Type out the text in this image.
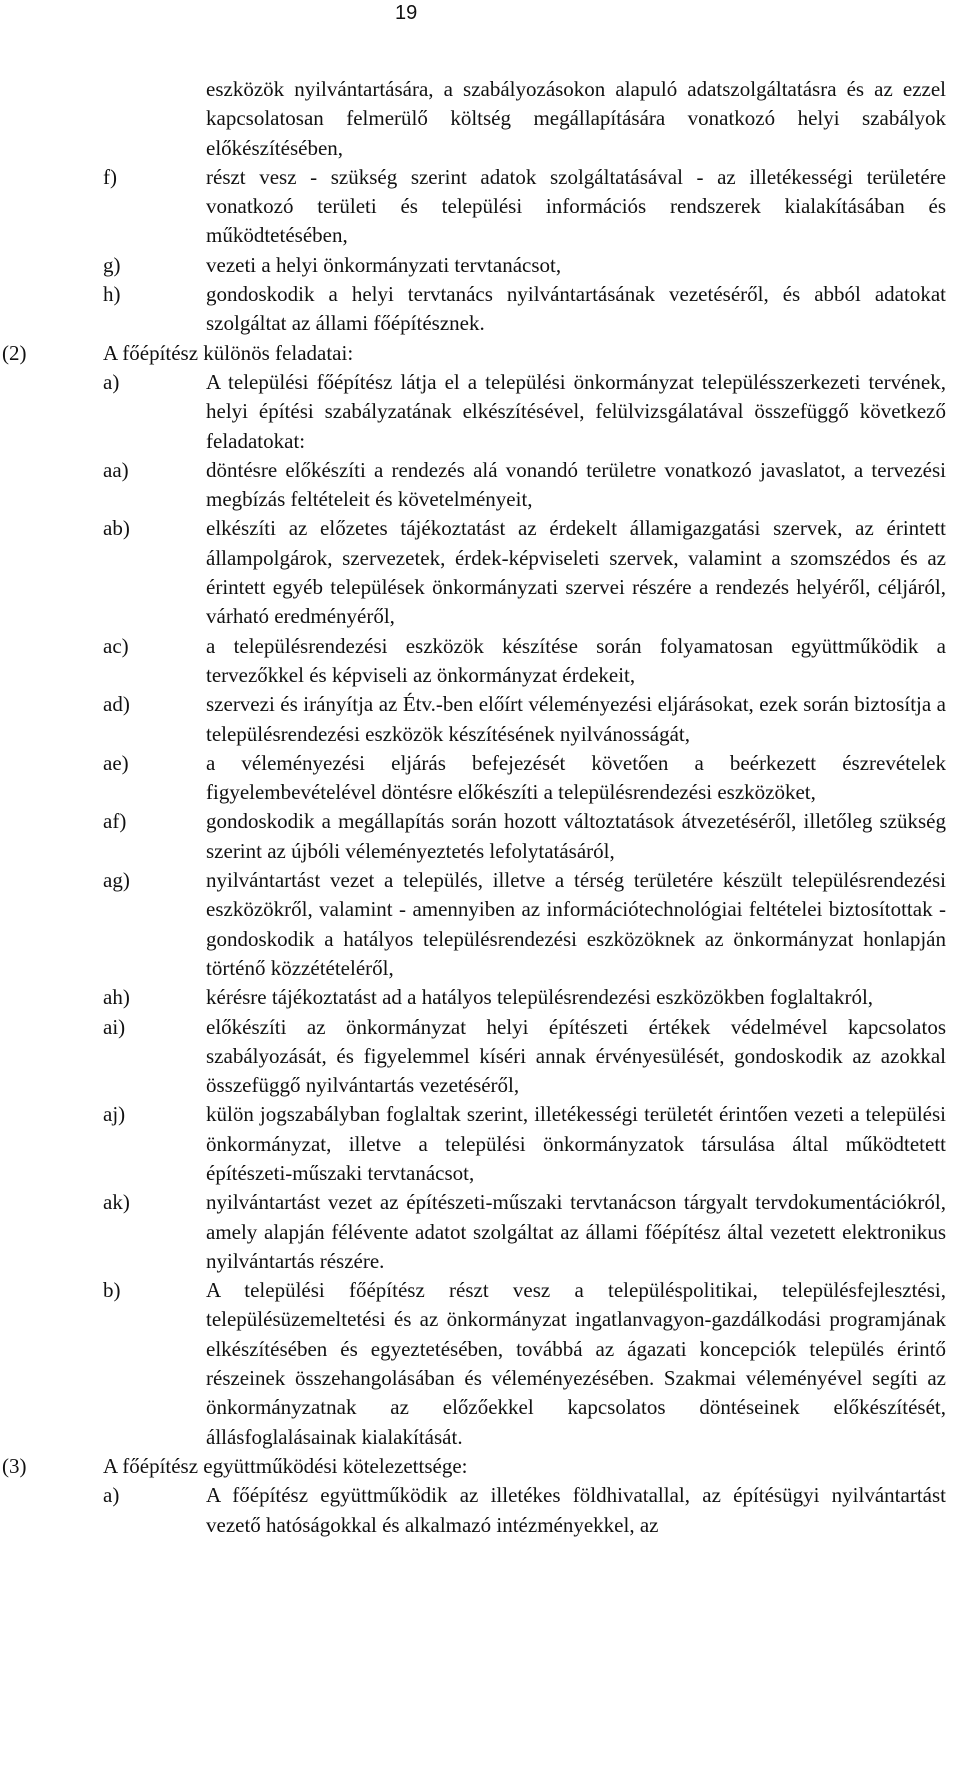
19
eszközök nyilvántartására, a szabályozásokon alapuló adatszolgáltatásra és az ezzel kapcsolatosan felmerülő költség megállapítására vonatkozó helyi szabályok előkészítésében,
f)	részt vesz - szükség szerint adatok szolgáltatásával - az illetékességi területére vonatkozó területi és települési információs rendszerek kialakításában és működtetésében,
g)	vezeti a helyi önkormányzati tervtanácsot,
h)	gondoskodik a helyi tervtanács nyilvántartásának vezetéséről, és abból adatokat szolgáltat az állami főépítésznek.
(2)	A főépítész különös feladatai:
a)	A települési főépítész látja el a települési önkormányzat településszerkezeti tervének, helyi építési szabályzatának elkészítésével, felülvizsgálatával összefüggő következő feladatokat:
aa)	döntésre előkészíti a rendezés alá vonandó területre vonatkozó javaslatot, a tervezési megbízás feltételeit és követelményeit,
ab)	elkészíti az előzetes tájékoztatást az érdekelt államigazgatási szervek, az érintett állampolgárok, szervezetek, érdek-képviseleti szervek, valamint a szomszédos és az érintett egyéb települések önkormányzati szervei részére a rendezés helyéről, céljáról, várható eredményéről,
ac)	a településrendezési eszközök készítése során folyamatosan együttműködik a tervezőkkel és képviseli az önkormányzat érdekeit,
ad)	szervezi és irányítja az Étv.-ben előírt véleményezési eljárásokat, ezek során biztosítja a településrendezési eszközök készítésének nyilvánosságát,
ae)	a véleményezési eljárás befejezését követően a beérkezett észrevételek figyelembevételével döntésre előkészíti a településrendezési eszközöket,
af)	gondoskodik a megállapítás során hozott változtatások átvezetéséről, illetőleg szükség szerint az újbóli véleményeztetés lefolytatásáról,
ag)	nyilvántartást vezet a település, illetve a térség területére készült településrendezési eszközökről, valamint - amennyiben az információtechnológiai feltételei biztosítottak - gondoskodik a hatályos településrendezési eszközöknek az önkormányzat honlapján történő közzétételéről,
ah)	kérésre tájékoztatást ad a hatályos településrendezési eszközökben foglaltakról,
ai)	előkészíti az önkormányzat helyi építészeti értékek védelmével kapcsolatos szabályozását, és figyelemmel kíséri annak érvényesülését, gondoskodik az azokkal összefüggő nyilvántartás vezetéséről,
aj)	külön jogszabályban foglaltak szerint, illetékességi területét érintően vezeti a települési önkormányzat, illetve a települési önkormányzatok társulása által működtetett építészeti-műszaki tervtanácsot,
ak)	nyilvántartást vezet az építészeti-műszaki tervtanácson tárgyalt tervdokumentációkról, amely alapján félévente adatot szolgáltat az állami főépítész által vezetett elektronikus nyilvántartás részére.
b)	A települési főépítész részt vesz a településpolitikai, településfejlesztési, településüzemeltetési és az önkormányzat ingatlanvagyon-gazdálkodási programjának elkészítésében és egyeztetésében, továbbá az ágazati koncepciók település érintő részeinek összehangolásában és véleményezésében. Szakmai véleményével segíti az önkormányzatnak az előzőekkel kapcsolatos döntéseinek előkészítését, állásfoglalásainak kialakítását.
(3)	A főépítész együttműködési kötelezettsége:
a)	A főépítész együttműködik az illetékes földhivatallal, az építésügyi nyilvántartást vezető hatóságokkal és alkalmazó intézményekkel, az
